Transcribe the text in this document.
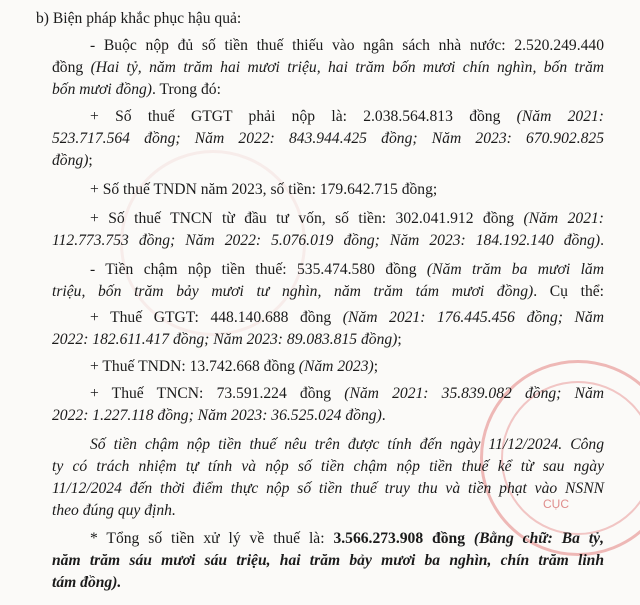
CỤC
b) Biện pháp khắc phục hậu quả:
- Buộc nộp đủ số tiền thuế thiếu vào ngân sách nhà nước: 2.520.249.440
đồng (Hai tỷ, năm trăm hai mươi triệu, hai trăm bốn mươi chín nghìn, bốn trăm
bốn mươi đồng). Trong đó:
+ Số thuế GTGT phải nộp là: 2.038.564.813 đồng (Năm 2021:
523.717.564 đồng; Năm 2022: 843.944.425 đồng; Năm 2023: 670.902.825
đồng);
+ Số thuế TNDN năm 2023, số tiền: 179.642.715 đồng;
+ Số thuế TNCN từ đầu tư vốn, số tiền: 302.041.912 đồng (Năm 2021:
112.773.753 đồng; Năm 2022: 5.076.019 đồng; Năm 2023: 184.192.140 đồng).
- Tiền chậm nộp tiền thuế: 535.474.580 đồng (Năm trăm ba mươi lăm
triệu, bốn trăm bảy mươi tư nghìn, năm trăm tám mươi đồng). Cụ thể:
+ Thuế GTGT: 448.140.688 đồng (Năm 2021: 176.445.456 đồng; Năm
2022: 182.611.417 đồng; Năm 2023: 89.083.815 đồng);
+ Thuế TNDN: 13.742.668 đồng (Năm 2023);
+ Thuế TNCN: 73.591.224 đồng (Năm 2021: 35.839.082 đồng; Năm
2022: 1.227.118 đồng; Năm 2023: 36.525.024 đồng).
Số tiền chậm nộp tiền thuế nêu trên được tính đến ngày 11/12/2024. Công
ty có trách nhiệm tự tính và nộp số tiền chậm nộp tiền thuế kể từ sau ngày
11/12/2024 đến thời điểm thực nộp số tiền thuế truy thu và tiền phạt vào NSNN
theo đúng quy định.
* Tổng số tiền xử lý về thuế là: 3.566.273.908 đồng (Bằng chữ: Ba tỷ,
năm trăm sáu mươi sáu triệu, hai trăm bảy mươi ba nghìn, chín trăm linh
tám đồng).
